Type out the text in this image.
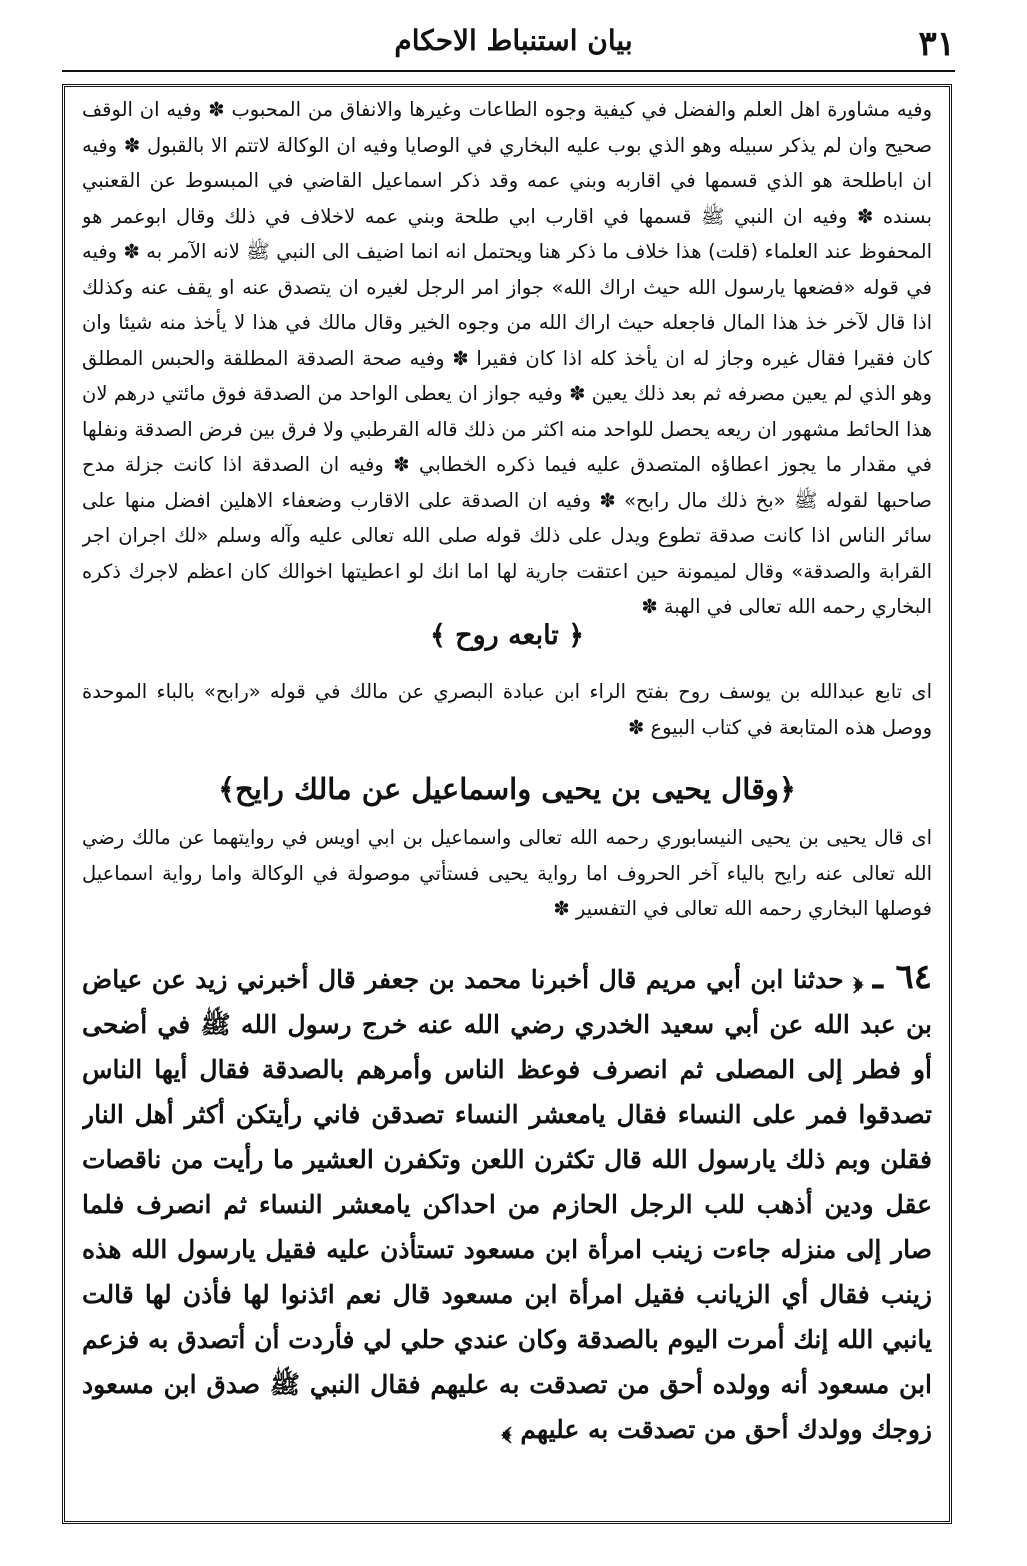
٣١
بيان استنباط الاحكام
وفيه مشاورة اهل العلم والفضل في كيفية وجوه الطاعات وغيرها والانفاق من المحبوب ✽ وفيه ان الوقف صحيح وان لم يذكر سبيله وهو الذي بوب عليه البخاري في الوصايا وفيه ان الوكالة لاتتم الا بالقبول ✽ وفيه ان اباطلحة هو الذي قسمها في اقاربه وبني عمه وقد ذكر اسماعيل القاضي في المبسوط عن القعنبي بسنده ✽ وفيه ان النبي ﷺ قسمها في اقارب ابي طلحة وبني عمه لاخلاف في ذلك وقال ابوعمر هو المحفوظ عند العلماء (قلت) هذا خلاف ما ذكر هنا ويحتمل انه انما اضيف الى النبي ﷺ لانه الآمر به ✽ وفيه في قوله «فضعها يارسول الله حيث اراك الله» جواز امر الرجل لغيره ان يتصدق عنه او يقف عنه وكذلك اذا قال لآخر خذ هذا المال فاجعله حيث اراك الله من وجوه الخير وقال مالك في هذا لا يأخذ منه شيئا وان كان فقيرا فقال غيره وجاز له ان يأخذ كله اذا كان فقيرا ✽ وفيه صحة الصدقة المطلقة والحبس المطلق وهو الذي لم يعين مصرفه ثم بعد ذلك يعين ✽ وفيه جواز ان يعطى الواحد من الصدقة فوق مائتي درهم لان هذا الحائط مشهور ان ريعه يحصل للواحد منه اكثر من ذلك قاله القرطبي ولا فرق بين فرض الصدقة ونفلها في مقدار ما يجوز اعطاؤه المتصدق عليه فيما ذكره الخطابي ✽ وفيه ان الصدقة اذا كانت جزلة مدح صاحبها لقوله ﷺ «بخ ذلك مال رابح» ✽ وفيه ان الصدقة على الاقارب وضعفاء الاهلين افضل منها على سائر الناس اذا كانت صدقة تطوع ويدل على ذلك قوله صلى الله تعالى عليه وآله وسلم «لك اجران اجر القرابة والصدقة» وقال لميمونة حين اعتقت جارية لها اما انك لو اعطيتها اخوالك كان اعظم لاجرك ذكره البخاري رحمه الله تعالى في الهبة ✽
﴿ تابعه روح ﴾
اى تابع عبدالله بن يوسف روح بفتح الراء ابن عبادة البصري عن مالك في قوله «رابح» بالباء الموحدة ووصل هذه المتابعة في كتاب البيوع ✽
﴿وقال يحيى بن يحيى واسماعيل عن مالك رايح﴾
اى قال يحيى بن يحيى النيسابوري رحمه الله تعالى واسماعيل بن ابي اويس في روايتهما عن مالك رضي الله تعالى عنه رايح بالياء آخر الحروف اما رواية يحيى فستأتي موصولة في الوكالة واما رواية اسماعيل فوصلها البخاري رحمه الله تعالى في التفسير ✽
٦٤ ـ ﴿ حدثنا ابن أبي مريم قال أخبرنا محمد بن جعفر قال أخبرني زيد عن عياض بن عبد الله عن أبي سعيد الخدري رضي الله عنه خرج رسول الله ﷺ في أضحى أو فطر إلى المصلى ثم انصرف فوعظ الناس وأمرهم بالصدقة فقال أيها الناس تصدقوا فمر على النساء فقال يامعشر النساء تصدقن فاني رأيتكن أكثر أهل النار فقلن وبم ذلك يارسول الله قال تكثرن اللعن وتكفرن العشير ما رأيت من ناقصات عقل ودين أذهب للب الرجل الحازم من احداكن يامعشر النساء ثم انصرف فلما صار إلى منزله جاءت زينب امرأة ابن مسعود تستأذن عليه فقيل يارسول الله هذه زينب فقال أي الزيانب فقيل امرأة ابن مسعود قال نعم ائذنوا لها فأذن لها قالت يانبي الله إنك أمرت اليوم بالصدقة وكان عندي حلي لي فأردت أن أتصدق به فزعم ابن مسعود أنه وولده أحق من تصدقت به عليهم فقال النبي ﷺ صدق ابن مسعود زوجك وولدك أحق من تصدقت به عليهم ﴾
